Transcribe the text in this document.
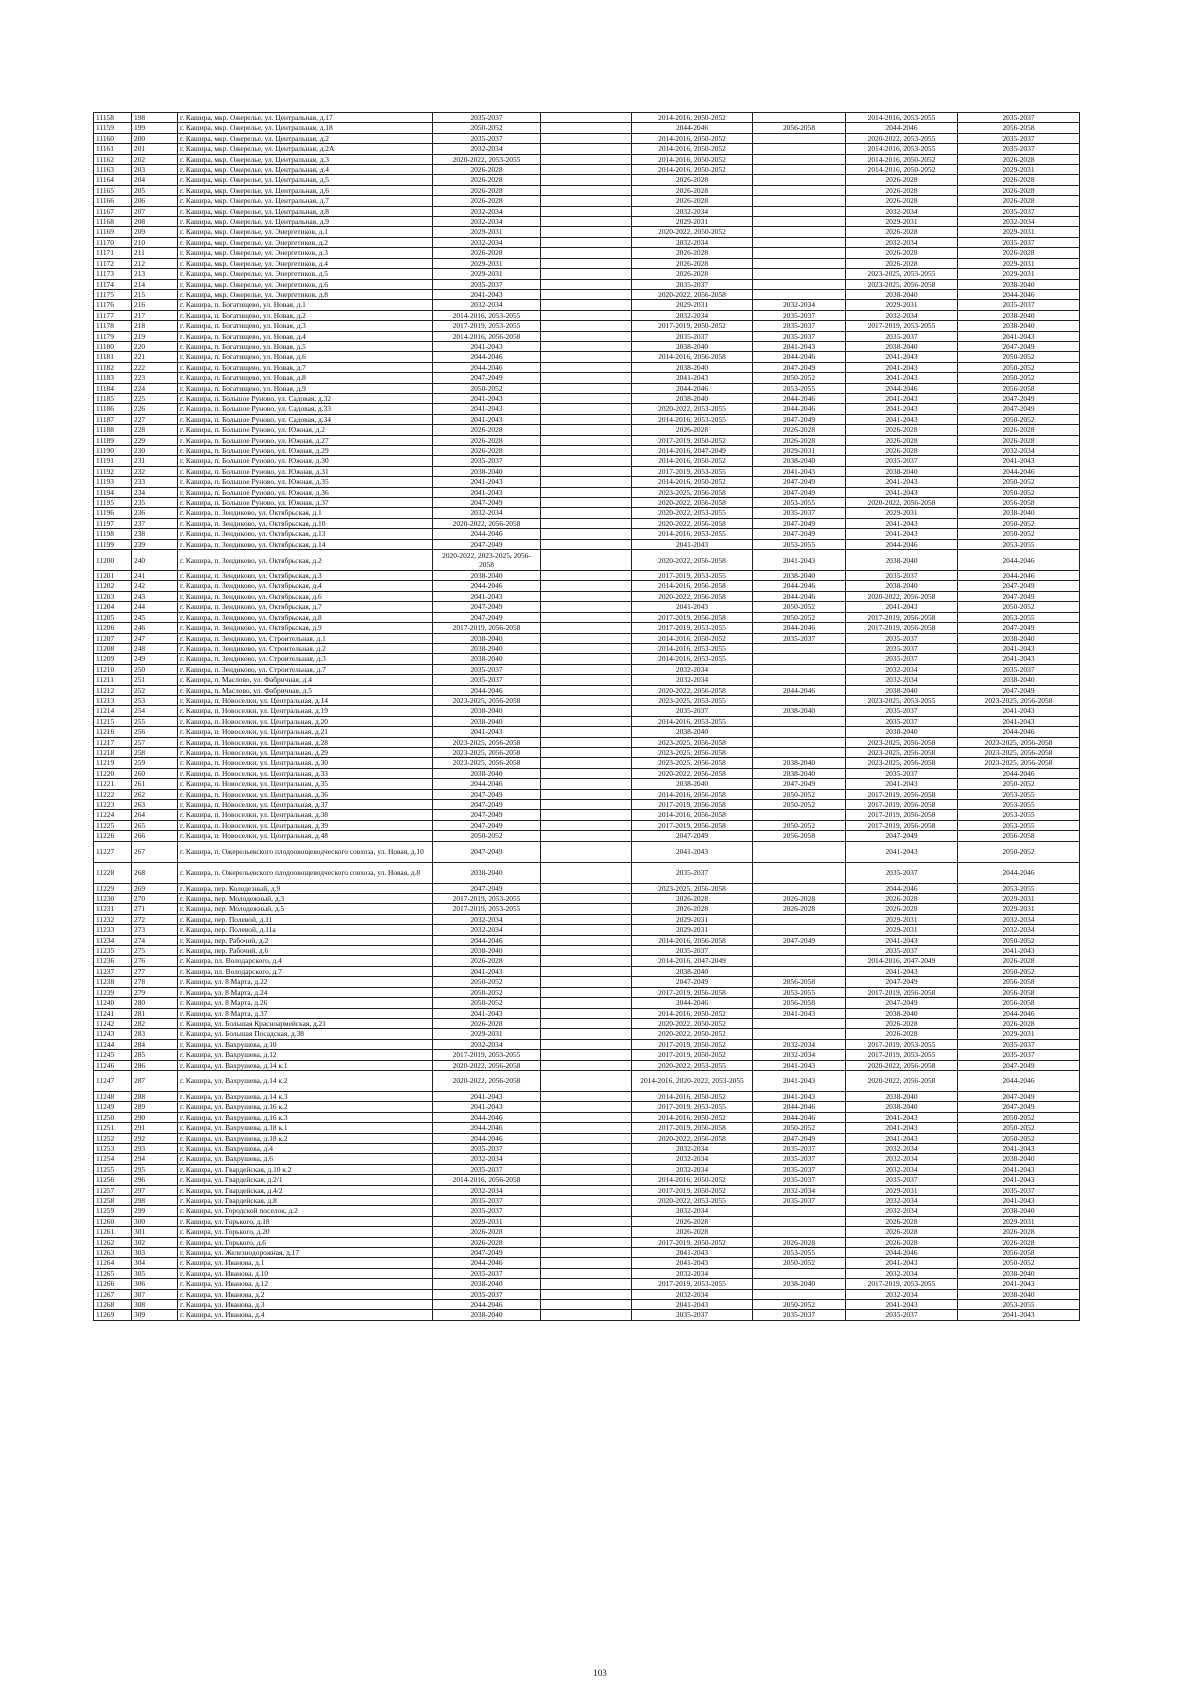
11158	198	г. Кашира, мкр. Ожерелье, ул. Центральная, д.17	2035-2037		2014-2016, 2050-2052		2014-2016, 2053-2055	2035-2037
11159	199	г. Кашира, мкр. Ожерелье, ул. Центральная, д.18	2050-2052		2044-2046	2056-2058	2044-2046	2056-2058
11160	200	г. Кашира, мкр. Ожерелье, ул. Центральная, д.2	2035-2037		2014-2016, 2050-2052		2020-2022, 2053-2055	2035-2037
11161	201	г. Кашира, мкр. Ожерелье, ул. Центральная, д.2А	2032-2034		2014-2016, 2050-2052		2014-2016, 2053-2055	2035-2037
11162	202	г. Кашира, мкр. Ожерелье, ул. Центральная, д.3	2020-2022, 2053-2055		2014-2016, 2050-2052		2014-2016, 2050-2052	2026-2028
11163	203	г. Кашира, мкр. Ожерелье, ул. Центральная, д.4	2026-2028		2014-2016, 2050-2052		2014-2016, 2050-2052	2029-2031
11164	204	г. Кашира, мкр. Ожерелье, ул. Центральная, д.5	2026-2028		2026-2028		2026-2028	2026-2028
11165	205	г. Кашира, мкр. Ожерелье, ул. Центральная, д.6	2026-2028		2026-2028		2026-2028	2026-2028
11166	206	г. Кашира, мкр. Ожерелье, ул. Центральная, д.7	2026-2028		2026-2028		2026-2028	2026-2028
11167	207	г. Кашира, мкр. Ожерелье, ул. Центральная, д.8	2032-2034		2032-2034		2032-2034	2035-2037
11168	208	г. Кашира, мкр. Ожерелье, ул. Центральная, д.9	2032-2034		2029-2031		2029-2031	2032-2034
11169	209	г. Кашира, мкр. Ожерелье, ул. Энергетиков, д.1	2029-2031		2020-2022, 2050-2052		2026-2028	2029-2031
11170	210	г. Кашира, мкр. Ожерелье, ул. Энергетиков, д.2	2032-2034		2032-2034		2032-2034	2035-2037
11171	211	г. Кашира, мкр. Ожерелье, ул. Энергетиков, д.3	2026-2028		2026-2028		2026-2028	2026-2028
11172	212	г. Кашира, мкр. Ожерелье, ул. Энергетиков, д.4	2029-2031		2026-2028		2026-2028	2029-2031
11173	213	г. Кашира, мкр. Ожерелье, ул. Энергетиков, д.5	2029-2031		2026-2028		2023-2025, 2053-2055	2029-2031
11174	214	г. Кашира, мкр. Ожерелье, ул. Энергетиков, д.6	2035-2037		2035-2037		2023-2025, 2056-2058	2038-2040
11175	215	г. Кашира, мкр. Ожерелье, ул. Энергетиков, д.8	2041-2043		2020-2022, 2056-2058		2038-2040	2044-2046
11176	216	г. Кашира, п. Богатищево, ул. Новая, д.1	2032-2034		2029-2031	2032-2034	2029-2031	2035-2037
11177	217	г. Кашира, п. Богатищево, ул. Новая, д.2	2014-2016, 2053-2055		2032-2034	2035-2037	2032-2034	2038-2040
11178	218	г. Кашира, п. Богатищево, ул. Новая, д.3	2017-2019, 2053-2055		2017-2019, 2050-2052	2035-2037	2017-2019, 2053-2055	2038-2040
11179	219	г. Кашира, п. Богатищево, ул. Новая, д.4	2014-2016, 2056-2058		2035-2037	2035-2037	2035-2037	2041-2043
11180	220	г. Кашира, п. Богатищево, ул. Новая, д.5	2041-2043		2038-2040	2041-2043	2038-2040	2047-2049
11181	221	г. Кашира, п. Богатищево, ул. Новая, д.6	2044-2046		2014-2016, 2056-2058	2044-2046	2041-2043	2050-2052
11182	222	г. Кашира, п. Богатищево, ул. Новая, д.7	2044-2046		2038-2040	2047-2049	2041-2043	2050-2052
11183	223	г. Кашира, п. Богатищево, ул. Новая, д.8	2047-2049		2041-2043	2050-2052	2041-2043	2050-2052
11184	224	г. Кашира, п. Богатищево, ул. Новая, д.9	2050-2052		2044-2046	2053-2055	2044-2046	2056-2058
11185	225	г. Кашира, п. Большое Руново, ул. Садовая, д.32	2041-2043		2038-2040	2044-2046	2041-2043	2047-2049
11186	226	г. Кашира, п. Большое Руново, ул. Садовая, д.33	2041-2043		2020-2022, 2053-2055	2044-2046	2041-2043	2047-2049
11187	227	г. Кашира, п. Большое Руново, ул. Садовая, д.34	2041-2043		2014-2016, 2053-2055	2047-2049	2041-2043	2050-2052
11188	228	г. Кашира, п. Большое Руново, ул. Южная, д.2	2026-2028		2026-2028	2026-2028	2026-2028	2026-2028
11189	229	г. Кашира, п. Большое Руново, ул. Южная, д.27	2026-2028		2017-2019, 2050-2052	2026-2028	2026-2028	2026-2028
11190	230	г. Кашира, п. Большое Руново, ул. Южная, д.29	2026-2028		2014-2016, 2047-2049	2029-2031	2026-2028	2032-2034
11191	231	г. Кашира, п. Большое Руново, ул. Южная, д.30	2035-2037		2014-2016, 2050-2052	2038-2040	2035-2037	2041-2043
11192	232	г. Кашира, п. Большое Руново, ул. Южная, д.31	2038-2040		2017-2019, 2053-2055	2041-2043	2038-2040	2044-2046
11193	233	г. Кашира, п. Большое Руново, ул. Южная, д.35	2041-2043		2014-2016, 2050-2052	2047-2049	2041-2043	2050-2052
11194	234	г. Кашира, п. Большое Руново, ул. Южная, д.36	2041-2043		2023-2025, 2056-2058	2047-2049	2041-2043	2050-2052
11195	235	г. Кашира, п. Большое Руново, ул. Южная, д.37	2047-2049		2020-2022, 2056-2058	2053-2055	2020-2022, 2056-2058	2056-2058
11196	236	г. Кашира, п. Зендиково, ул. Октябрьская, д.1	2032-2034		2020-2022, 2053-2055	2035-2037	2029-2031	2038-2040
11197	237	г. Кашира, п. Зендиково, ул. Октябрьская, д.10	2020-2022, 2056-2058		2020-2022, 2056-2058	2047-2049	2041-2043	2050-2052
11198	238	г. Кашира, п. Зендиково, ул. Октябрьская, д.13	2044-2046		2014-2016, 2053-2055	2047-2049	2041-2043	2050-2052
11199	239	г. Кашира, п. Зендиково, ул. Октябрьская, д.14	2047-2049		2041-2043	2053-2055	2044-2046	2053-2055
11200	240	г. Кашира, п. Зендиково, ул. Октябрьская, д.2	2020-2022, 2023-2025, 2056-2058		2020-2022, 2056-2058	2041-2043	2038-2040	2044-2046
11201	241	г. Кашира, п. Зендиково, ул. Октябрьская, д.3	2038-2040		2017-2019, 2053-2055	2038-2040	2035-2037	2044-2046
11202	242	г. Кашира, п. Зендиково, ул. Октябрьская, д.4	2044-2046		2014-2016, 2056-2058	2044-2046	2038-2040	2047-2049
11203	243	г. Кашира, п. Зендиково, ул. Октябрьская, д.6	2041-2043		2020-2022, 2056-2058	2044-2046	2020-2022, 2056-2058	2047-2049
11204	244	г. Кашира, п. Зендиково, ул. Октябрьская, д.7	2047-2049		2041-2043	2050-2052	2041-2043	2050-2052
11205	245	г. Кашира, п. Зендиково, ул. Октябрьская, д.8	2047-2049		2017-2019, 2056-2058	2050-2052	2017-2019, 2056-2058	2053-2055
11206	246	г. Кашира, п. Зендиково, ул. Октябрьская, д.9	2017-2019, 2056-2058		2017-2019, 2053-2055	2044-2046	2017-2019, 2056-2058	2047-2049
11207	247	г. Кашира, п. Зендиково, ул. Строительная, д.1	2038-2040		2014-2016, 2050-2052	2035-2037	2035-2037	2038-2040
11208	248	г. Кашира, п. Зендиково, ул. Строительная, д.2	2038-2040		2014-2016, 2053-2055		2035-2037	2041-2043
11209	249	г. Кашира, п. Зендиково, ул. Строительная, д.3	2038-2040		2014-2016, 2053-2055		2035-2037	2041-2043
11210	250	г. Кашира, п. Зендиково, ул. Строительная, д.7	2035-2037		2032-2034		2032-2034	2035-2037
11211	251	г. Кашира, п. Маслово, ул. Фабричная, д.4	2035-2037		2032-2034		2032-2034	2038-2040
11212	252	г. Кашира, п. Маслово, ул. Фабричная, д.5	2044-2046		2020-2022, 2056-2058	2044-2046	2038-2040	2047-2049
11213	253	г. Кашира, п. Новоселки, ул. Центральная, д.14	2023-2025, 2056-2058		2023-2025, 2053-2055		2023-2025, 2053-2055	2023-2025, 2056-2058
11214	254	г. Кашира, п. Новоселки, ул. Центральная, д.19	2038-2040		2035-2037	2038-2040	2035-2037	2041-2043
11215	255	г. Кашира, п. Новоселки, ул. Центральная, д.20	2038-2040		2014-2016, 2053-2055		2035-2037	2041-2043
11216	256	г. Кашира, п. Новоселки, ул. Центральная, д.21	2041-2043		2038-2040		2038-2040	2044-2046
11217	257	г. Кашира, п. Новоселки, ул. Центральная, д.28	2023-2025, 2056-2058		2023-2025, 2056-2058		2023-2025, 2056-2058	2023-2025, 2056-2058
11218	258	г. Кашира, п. Новоселки, ул. Центральная, д.29	2023-2025, 2056-2058		2023-2025, 2056-2058		2023-2025, 2056-2058	2023-2025, 2056-2058
11219	259	г. Кашира, п. Новоселки, ул. Центральная, д.30	2023-2025, 2056-2058		2023-2025, 2056-2058	2038-2040	2023-2025, 2056-2058	2023-2025, 2056-2058
11220	260	г. Кашира, п. Новоселки, ул. Центральная, д.33	2038-2040		2020-2022, 2056-2058	2038-2040	2035-2037	2044-2046
11221	261	г. Кашира, п. Новоселки, ул. Центральная, д.35	2044-2046		2038-2040	2047-2049	2041-2043	2050-2052
11222	262	г. Кашира, п. Новоселки, ул. Центральная, д.36	2047-2049		2014-2016, 2056-2058	2050-2052	2017-2019, 2056-2058	2053-2055
11223	263	г. Кашира, п. Новоселки, ул. Центральная, д.37	2047-2049		2017-2019, 2056-2058	2050-2052	2017-2019, 2056-2058	2053-2055
11224	264	г. Кашира, п. Новоселки, ул. Центральная, д.38	2047-2049		2014-2016, 2056-2058		2017-2019, 2056-2058	2053-2055
11225	265	г. Кашира, п. Новоселки, ул. Центральная, д.39	2047-2049		2017-2019, 2056-2058	2050-2052	2017-2019, 2056-2058	2053-2055
11226	266	г. Кашира, п. Новоселки, ул. Центральная, д.48	2050-2052		2047-2049	2056-2058	2047-2049	2056-2058
11227	267	г. Кашира, п. Ожерельевского плодоовощеводческого совхоза, ул. Новая, д.10	2047-2049		2041-2043		2041-2043	2050-2052
11228	268	г. Кашира, п. Ожерельевского плодоовощеводческого совхоза, ул. Новая, д.8	2038-2040		2035-2037		2035-2037	2044-2046
11229	269	г. Кашира, пер. Колодезный, д.9	2047-2049		2023-2025, 2056-2058		2044-2046	2053-2055
11230	270	г. Кашира, пер. Молодежный, д.3	2017-2019, 2053-2055		2026-2028	2026-2028	2026-2028	2029-2031
11231	271	г. Кашира, пер. Молодежный, д.5	2017-2019, 2053-2055		2026-2028	2026-2028	2026-2028	2029-2031
11232	272	г. Кашира, пер. Полевой, д.11	2032-2034		2029-2031		2029-2031	2032-2034
11233	273	г. Кашира, пер. Полевой, д.11а	2032-2034		2029-2031		2029-2031	2032-2034
11234	274	г. Кашира, пер. Рабочий, д.2	2044-2046		2014-2016, 2056-2058	2047-2049	2041-2043	2050-2052
11235	275	г. Кашира, пер. Рабочий, д.6	2038-2040		2035-2037		2035-2037	2041-2043
11236	276	г. Кашира, пл. Володарского, д.4	2026-2028		2014-2016, 2047-2049		2014-2016, 2047-2049	2026-2028
11237	277	г. Кашира, пл. Володарского, д.7	2041-2043		2038-2040		2041-2043	2050-2052
11238	278	г. Кашира, ул. 8 Марта, д.22	2050-2052		2047-2049	2056-2058	2047-2049	2056-2058
11239	279	г. Кашира, ул. 8 Марта, д.24	2050-2052		2017-2019, 2056-2058	2053-2055	2017-2019, 2056-2058	2056-2058
11240	280	г. Кашира, ул. 8 Марта, д.26	2050-2052		2044-2046	2056-2058	2047-2049	2056-2058
11241	281	г. Кашира, ул. 8 Марта, д.37	2041-2043		2014-2016, 2050-2052	2041-2043	2038-2040	2044-2046
11242	282	г. Кашира, ул. Большая Красноармейская, д.21	2026-2028		2020-2022, 2050-2052		2026-2028	2026-2028
11243	283	г. Кашира, ул. Большая Посадская, д.38	2029-2031		2020-2022, 2050-2052		2026-2028	2029-2031
11244	284	г. Кашира, ул. Вахрушева, д.10	2032-2034		2017-2019, 2050-2052	2032-2034	2017-2019, 2053-2055	2035-2037
11245	285	г. Кашира, ул. Вахрушева, д.12	2017-2019, 2053-2055		2017-2019, 2050-2052	2032-2034	2017-2019, 2053-2055	2035-2037
11246	286	г. Кашира, ул. Вахрушева, д.14 к.1	2020-2022, 2056-2058		2020-2022, 2053-2055	2041-2043	2020-2022, 2056-2058	2047-2049
11247	287	г. Кашира, ул. Вахрушева, д.14 к.2	2020-2022, 2056-2058		2014-2016, 2020-2022, 2053-2055	2041-2043	2020-2022, 2056-2058	2044-2046
11248	288	г. Кашира, ул. Вахрушева, д.14 к.3	2041-2043		2014-2016, 2050-2052	2041-2043	2038-2040	2047-2049
11249	289	г. Кашира, ул. Вахрушева, д.16 к.2	2041-2043		2017-2019, 2053-2055	2044-2046	2038-2040	2047-2049
11250	290	г. Кашира, ул. Вахрушева, д.16 к.3	2044-2046		2014-2016, 2050-2052	2044-2046	2041-2043	2050-2052
11251	291	г. Кашира, ул. Вахрушева, д.18 к.1	2044-2046		2017-2019, 2056-2058	2050-2052	2041-2043	2050-2052
11252	292	г. Кашира, ул. Вахрушева, д.18 к.2	2044-2046		2020-2022, 2056-2058	2047-2049	2041-2043	2050-2052
11253	293	г. Кашира, ул. Вахрушева, д.4	2035-2037		2032-2034	2035-2037	2032-2034	2041-2043
11254	294	г. Кашира, ул. Вахрушева, д.6	2032-2034		2032-2034	2035-2037	2032-2034	2038-2040
11255	295	г. Кашира, ул. Гвардейская, д.10 к.2	2035-2037		2032-2034	2035-2037	2032-2034	2041-2043
11256	296	г. Кашира, ул. Гвардейская, д.2/1	2014-2016, 2056-2058		2014-2016, 2050-2052	2035-2037	2035-2037	2041-2043
11257	297	г. Кашира, ул. Гвардейская, д.4/2	2032-2034		2017-2019, 2050-2052	2032-2034	2029-2031	2035-2037
11258	298	г. Кашира, ул. Гвардейская, д.8	2035-2037		2020-2022, 2053-2055	2035-2037	2032-2034	2041-2043
11259	299	г. Кашира, ул. Городской поселок, д.2	2035-2037		2032-2034		2032-2034	2038-2040
11260	300	г. Кашира, ул. Горького, д.18	2029-2031		2026-2028		2026-2028	2029-2031
11261	301	г. Кашира, ул. Горького, д.20	2026-2028		2026-2028		2026-2028	2026-2028
11262	302	г. Кашира, ул. Горького, д.6	2026-2028		2017-2019, 2050-2052	2026-2028	2026-2028	2026-2028
11263	303	г. Кашира, ул. Железнодорожная, д.17	2047-2049		2041-2043	2053-2055	2044-2046	2056-2058
11264	304	г. Кашира, ул. Иванова, д.1	2044-2046		2041-2043	2050-2052	2041-2043	2050-2052
11265	305	г. Кашира, ул. Иванова, д.10	2035-2037		2032-2034		2032-2034	2038-2040
11266	306	г. Кашира, ул. Иванова, д.12	2038-2040		2017-2019, 2053-2055	2038-2040	2017-2019, 2053-2055	2041-2043
11267	307	г. Кашира, ул. Иванова, д.2	2035-2037		2032-2034		2032-2034	2038-2040
11268	308	г. Кашира, ул. Иванова, д.3	2044-2046		2041-2043	2050-2052	2041-2043	2053-2055
11269	309	г. Кашира, ул. Иванова, д.4	2038-2040		2035-2037	2035-2037	2035-2037	2041-2043
103
